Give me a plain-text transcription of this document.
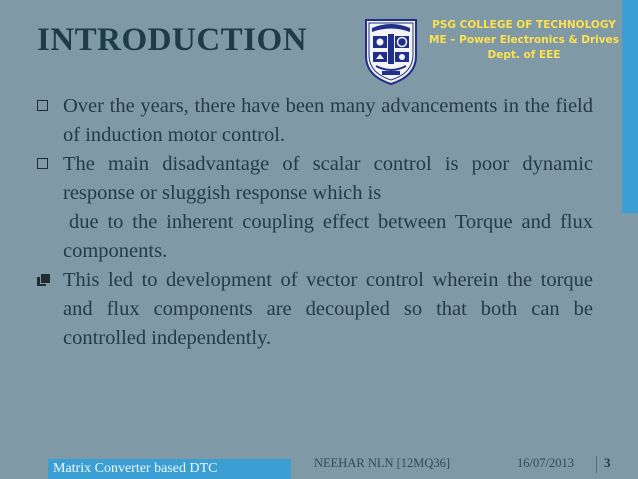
INTRODUCTION	PSG COLLEGE OF TECHNOLOGY
ME – Power Electronics & Drives
Dept. of EEE

Over the years, there have been many advancements in the field of induction motor control.

The main disadvantage of scalar control is poor dynamic response or sluggish response which is

due to the inherent coupling effect between Torque and flux components.

This led to development of vector control wherein the torque and flux components are decoupled so that both can be controlled independently.

Matrix Converter based DTC	NEEHAR NLN [12MQ36]	16/07/2013 3
